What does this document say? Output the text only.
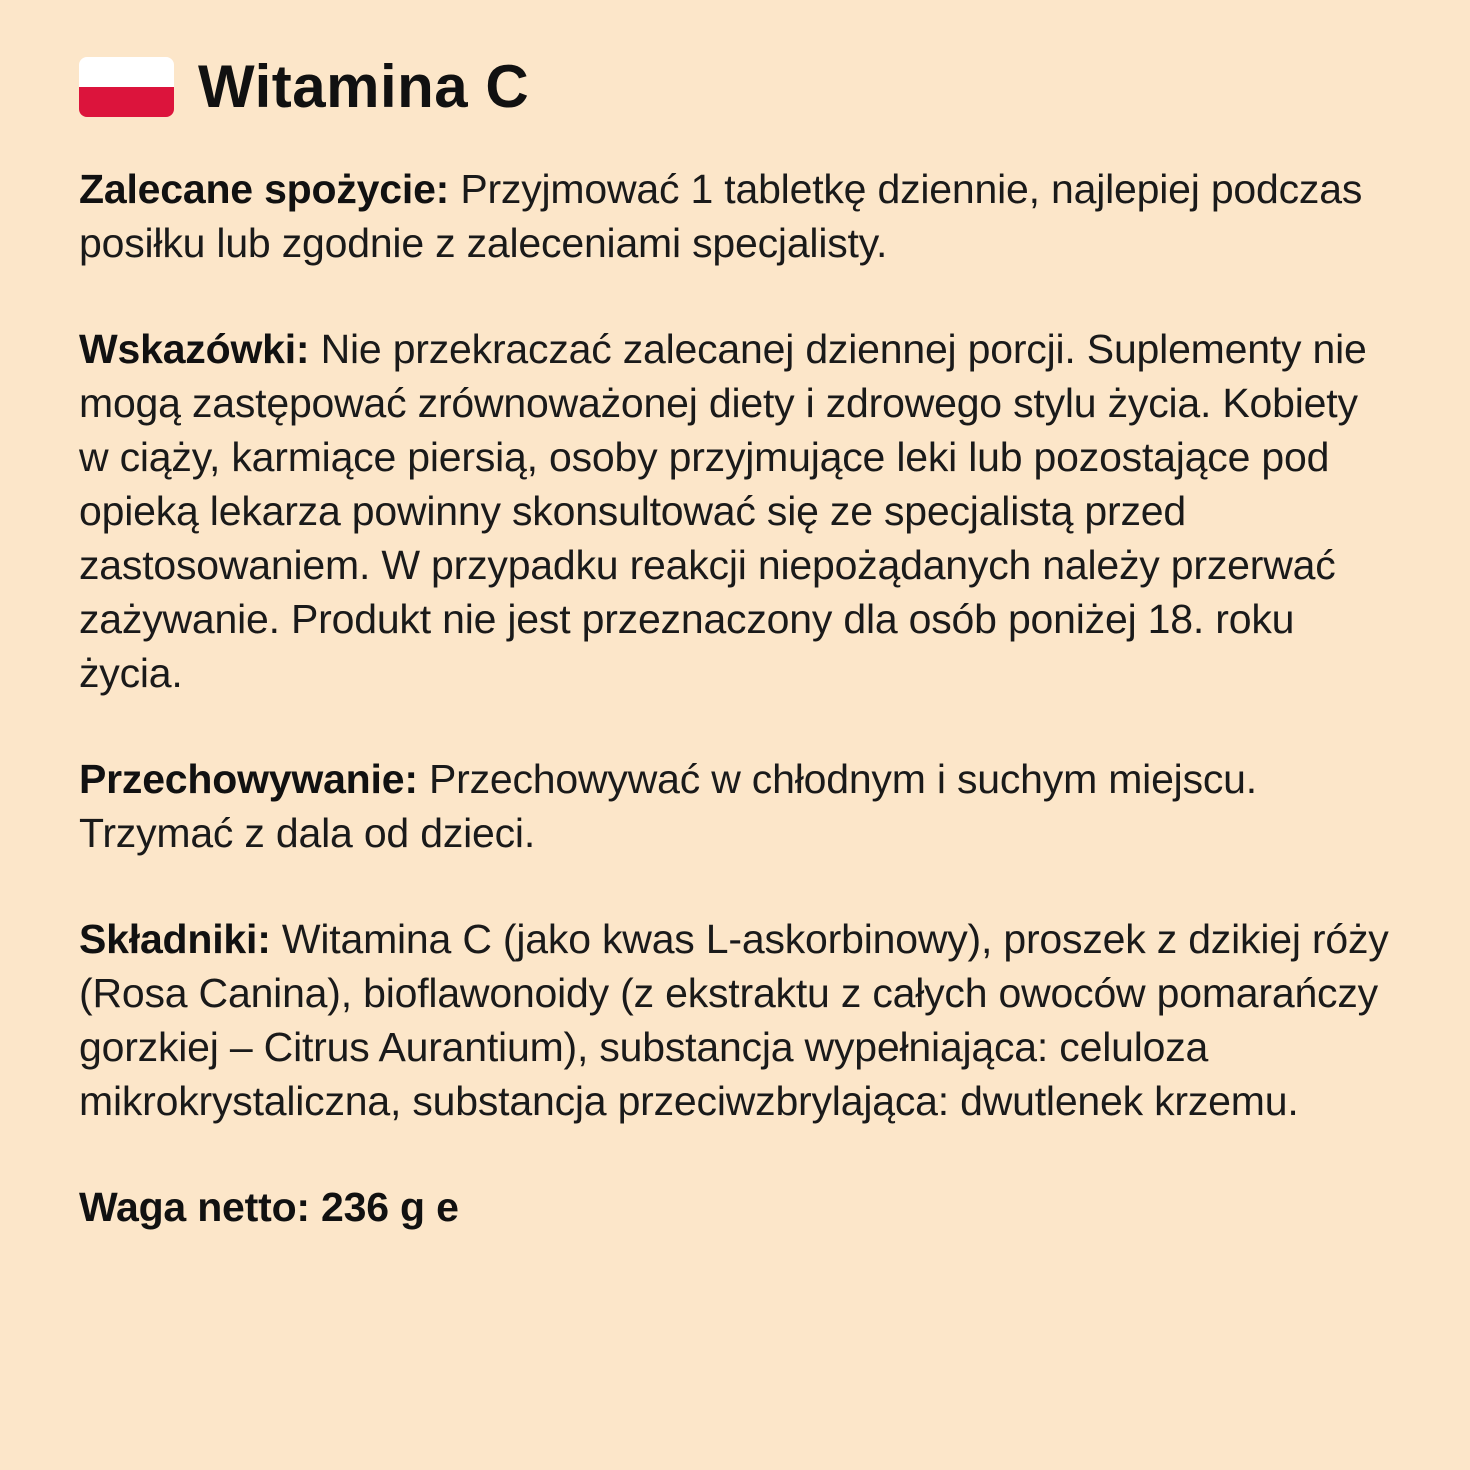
Witamina C

Zalecane spożycie: Przyjmować 1 tabletkę dziennie, najlepiej podczas posiłku lub zgodnie z zaleceniami specjalisty.

Wskazówki: Nie przekraczać zalecanej dziennej porcji. Suplementy nie mogą zastępować zrównoważonej diety i zdrowego stylu życia. Kobiety w ciąży, karmiące piersią, osoby przyjmujące leki lub pozostające pod opieką lekarza powinny skonsultować się ze specjalistą przed zastosowaniem. W przypadku reakcji niepożądanych należy przerwać zażywanie. Produkt nie jest przeznaczony dla osób poniżej 18. roku życia.

Przechowywanie: Przechowywać w chłodnym i suchym miejscu. Trzymać z dala od dzieci.

Składniki: Witamina C (jako kwas L-askorbinowy), proszek z dzikiej róży (Rosa Canina), bioflawonoidy (z ekstraktu z całych owoców pomarańczy gorzkiej – Citrus Aurantium), substancja wypełniająca: celuloza mikrokrystaliczna, substancja przeciwzbrylająca: dwutlenek krzemu.

Waga netto: 236 g e
